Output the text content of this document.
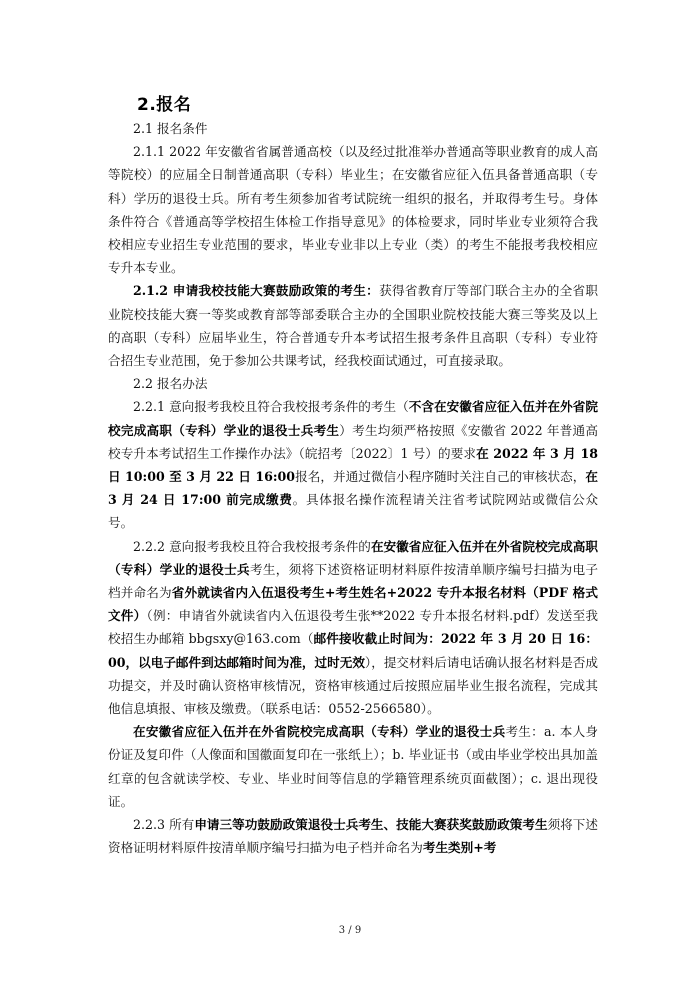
2.报名

2.1 报名条件

2.1.1 2022 年安徽省省属普通高校（以及经过批准举办普通高等职业教育的成人高等院校）的应届全日制普通高职（专科）毕业生；在安徽省应征入伍具备普通高职（专科）学历的退役士兵。所有考生须参加省考试院统一组织的报名，并取得考生号。身体条件符合《普通高等学校招生体检工作指导意见》的体检要求，同时毕业专业须符合我校相应专业招生专业范围的要求，毕业专业非以上专业（类）的考生不能报考我校相应专升本专业。

2.1.2 申请我校技能大赛鼓励政策的考生：获得省教育厅等部门联合主办的全省职业院校技能大赛一等奖或教育部等部委联合主办的全国职业院校技能大赛三等奖及以上的高职（专科）应届毕业生，符合普通专升本考试招生报考条件且高职（专科）专业符合招生专业范围，免于参加公共课考试，经我校面试通过，可直接录取。

2.2 报名办法

2.2.1 意向报考我校且符合我校报考条件的考生（不含在安徽省应征入伍并在外省院校完成高职（专科）学业的退役士兵考生）考生均须严格按照《安徽省 2022 年普通高校专升本考试招生工作操作办法》（皖招考〔2022〕1 号）的要求在 2022 年 3 月 18 日 10:00 至 3 月 22 日 16:00报名，并通过微信小程序随时关注自己的审核状态，在 3 月 24 日 17:00 前完成缴费。具体报名操作流程请关注省考试院网站或微信公众号。

2.2.2 意向报考我校且符合我校报考条件的在安徽省应征入伍并在外省院校完成高职（专科）学业的退役士兵考生，须将下述资格证明材料原件按清单顺序编号扫描为电子档并命名为省外就读省内入伍退役考生+考生姓名+2022 专升本报名材料（PDF 格式文件）（例：申请省外就读省内入伍退役考生张**2022 专升本报名材料.pdf）发送至我校招生办邮箱 bbgsxy@163.com（邮件接收截止时间为：2022 年 3 月 20 日 16：00，以电子邮件到达邮箱时间为准，过时无效），提交材料后请电话确认报名材料是否成功提交，并及时确认资格审核情况，资格审核通过后按照应届毕业生报名流程，完成其他信息填报、审核及缴费。（联系电话：0552-2566580）。

在安徽省应征入伍并在外省院校完成高职（专科）学业的退役士兵考生：a. 本人身份证及复印件（人像面和国徽面复印在一张纸上）；b. 毕业证书（或由毕业学校出具加盖红章的包含就读学校、专业、毕业时间等信息的学籍管理系统页面截图）；c. 退出现役证。

2.2.3 所有申请三等功鼓励政策退役士兵考生、技能大赛获奖鼓励政策考生须将下述资格证明材料原件按清单顺序编号扫描为电子档并命名为考生类别+考

3 / 9
